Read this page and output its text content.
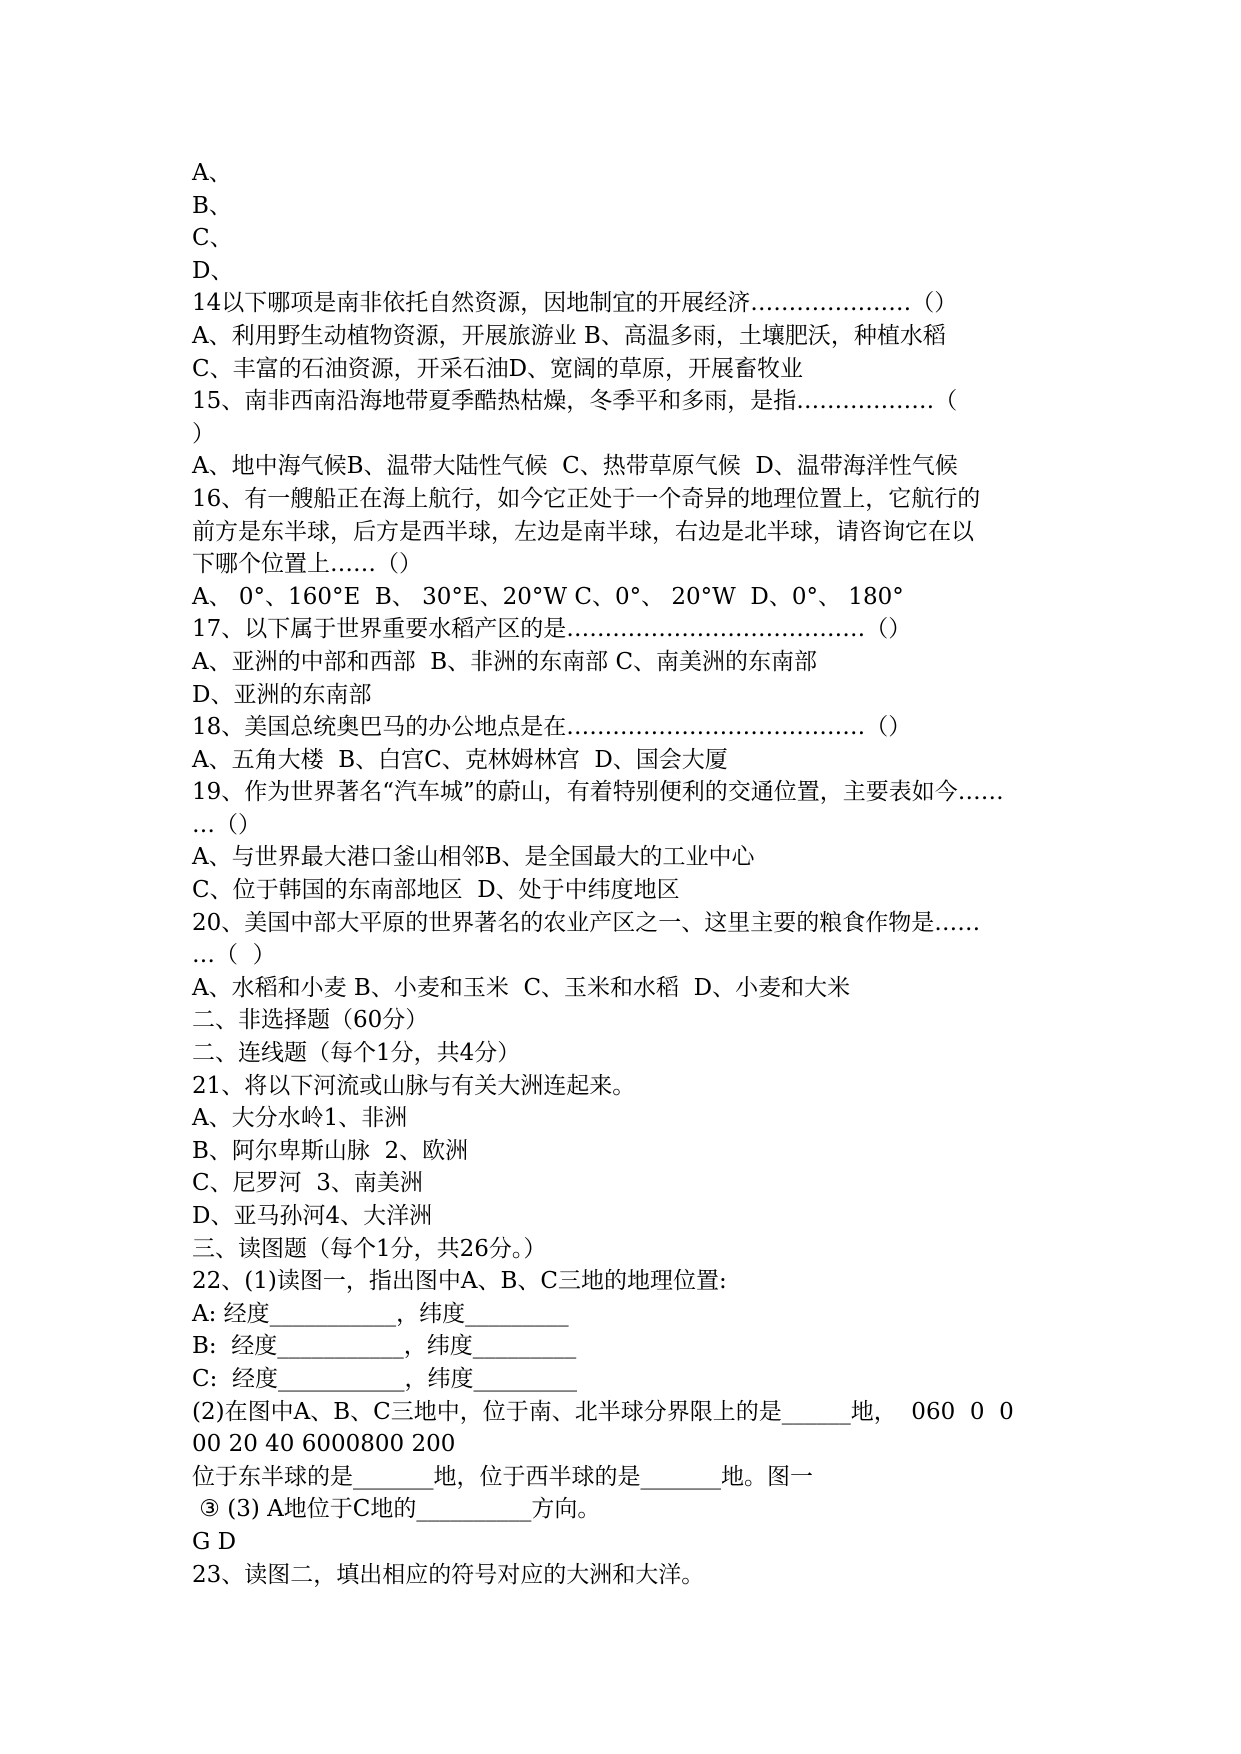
A、

B、

C、

D、

14以下哪项是南非依托自然资源，因地制宜的开展经济…………………（）

A、利用野生动植物资源，开展旅游业 B、高温多雨，土壤肥沃，种植水稻

C、丰富的石油资源，开采石油D、宽阔的草原，开展畜牧业

15、南非西南沿海地带夏季酷热枯燥，冬季平和多雨，是指………………（

）

A、地中海气候B、温带大陆性气候  C、热带草原气候  D、温带海洋性气候

16、有一艘船正在海上航行，如今它正处于一个奇异的地理位置上，它航行的

前方是东半球，后方是西半球，左边是南半球，右边是北半球，请咨询它在以

下哪个位置上……（）

A、 0°、160°E  B、 30°E、20°W C、0°、 20°W  D、0°、 180°

17、以下属于世界重要水稻产区的是…………………………………（）

A、亚洲的中部和西部  B、非洲的东南部 C、南美洲的东南部

D、亚洲的东南部

18、美国总统奥巴马的办公地点是在…………………………………（）

A、五角大楼  B、白宫C、克林姆林宫  D、国会大厦

19、作为世界著名“汽车城”的蔚山，有着特别便利的交通位置，主要表如今……

…（）

A、与世界最大港口釜山相邻B、是全国最大的工业中心

C、位于韩国的东南部地区  D、处于中纬度地区

20、美国中部大平原的世界著名的农业产区之一、这里主要的粮食作物是……

…（  ）

A、水稻和小麦 B、小麦和玉米  C、玉米和水稻  D、小麦和大米

二、非选择题（60分）

二、连线题（每个1分，共4分）

21、将以下河流或山脉与有关大洲连起来。

A、大分水岭1、非洲

B、阿尔卑斯山脉  2、欧洲

C、尼罗河  3、南美洲

D、亚马孙河4、大洋洲

三、读图题（每个1分，共26分。）

22、(1)读图一，指出图中A、B、C三地的地理位置:

A: 经度___________，纬度_________

B:  经度___________，纬度_________

C:  经度___________，纬度_________

(2)在图中A、B、C三地中，位于南、北半球分界限上的是______地，  060  0  0

00 20 40 6000800 200

位于东半球的是_______地，位于西半球的是_______地。图一

③ (3) A地位于C地的__________方向。

G D

23、读图二，填出相应的符号对应的大洲和大洋。
